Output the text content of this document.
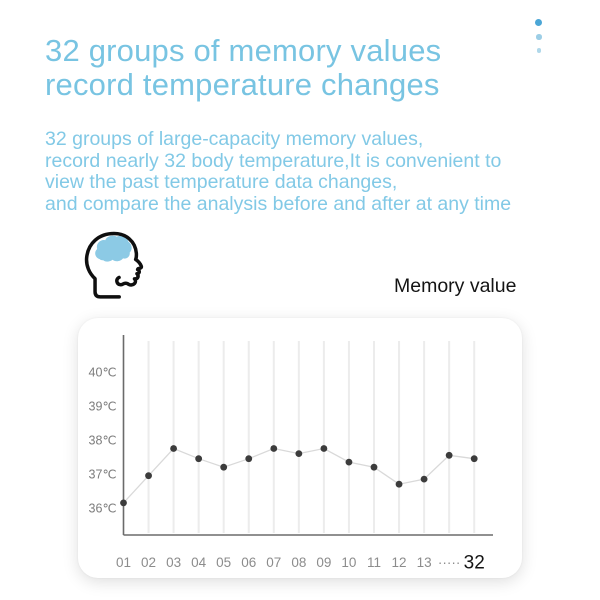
32 groups of memory values
record temperature changes
32 groups of large-capacity memory values,
record nearly 32 body temperature,It is convenient to
view the past temperature data changes,
and compare the analysis before and after at any time
Memory value
40℃
39℃
38℃
37℃
36℃
01 02 03 04 05 06 07 08 09 10 11 12 13 ····· 32
